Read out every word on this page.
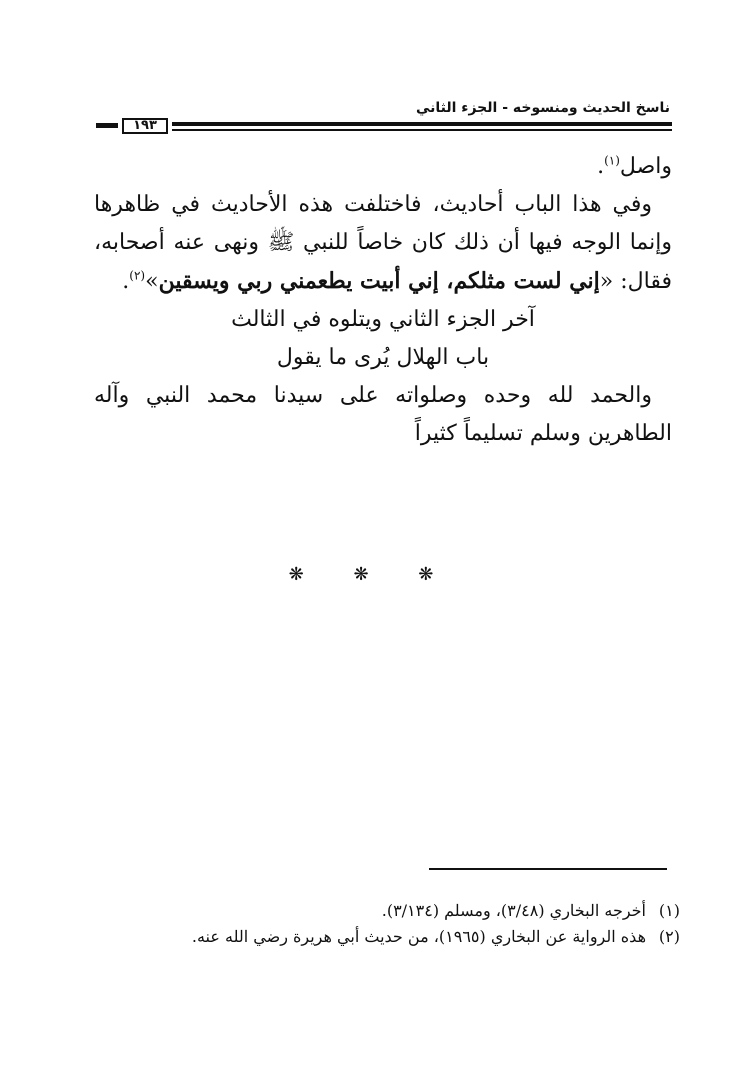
ناسخ الحديث ومنسوخه - الجزء الثاني
١٩٣

واصل$^{(١)}$.

وفي هذا الباب أحاديث، فاختلفت هذه الأحاديث في ظاهرها وإنما الوجه فيها أن ذلك كان خاصاً للنبي ﷺ ونهى عنه أصحابه، فقال: «إني لست مثلكم، إني أبيت يطعمني ربي ويسقين»$^{(٢)}$.

آخر الجزء الثاني ويتلوه في الثالث

باب الهلال يُرى ما يقول

والحمد لله وحده وصلواته على سيدنا محمد النبي وآله الطاهرين وسلم تسليماً كثيراً

❋ ❋ ❋
(١)
أخرجه البخاري (٣/٤٨)، ومسلم (٣/١٣٤).
(٢)
هذه الرواية عن البخاري (١٩٦٥)، من حديث أبي هريرة رضي الله عنه.
